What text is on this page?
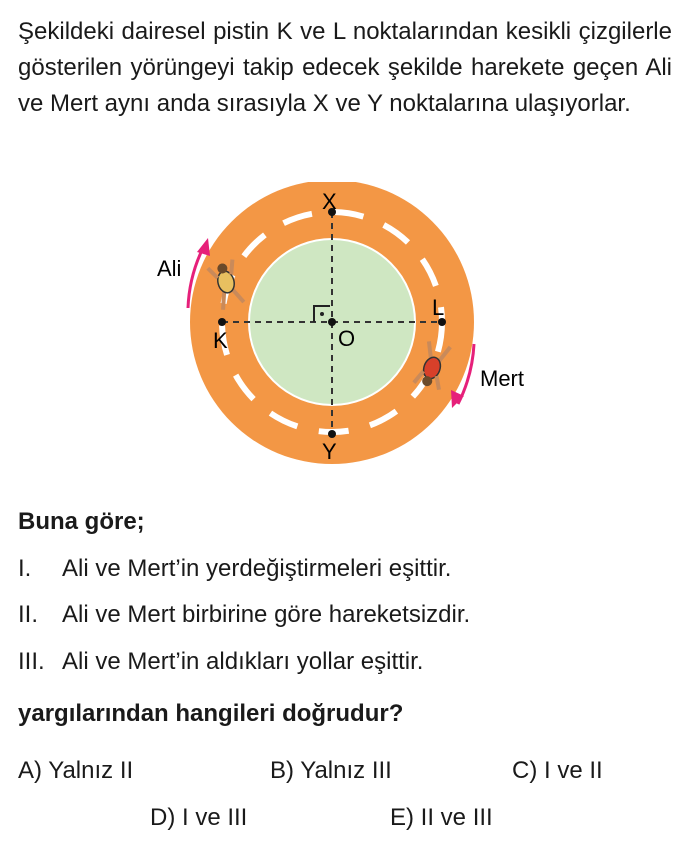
Şekildeki dairesel pistin K ve L noktalarından kesikli çizgilerle gösterilen yörüngeyi takip edecek şekilde harekete geçen Ali ve Mert aynı anda sırasıyla X ve Y noktalarına ulaşıyorlar.
X
Y
K
L
O
Ali
Mert
Buna göre;
I. Ali ve Mert’in yerdeğiştirmeleri eşittir.
II. Ali ve Mert birbirine göre hareketsizdir.
III. Ali ve Mert’in aldıkları yollar eşittir.
yargılarından hangileri doğrudur?
A) Yalnız II	B) Yalnız III	C) I ve II
D) I ve III	E) II ve III
